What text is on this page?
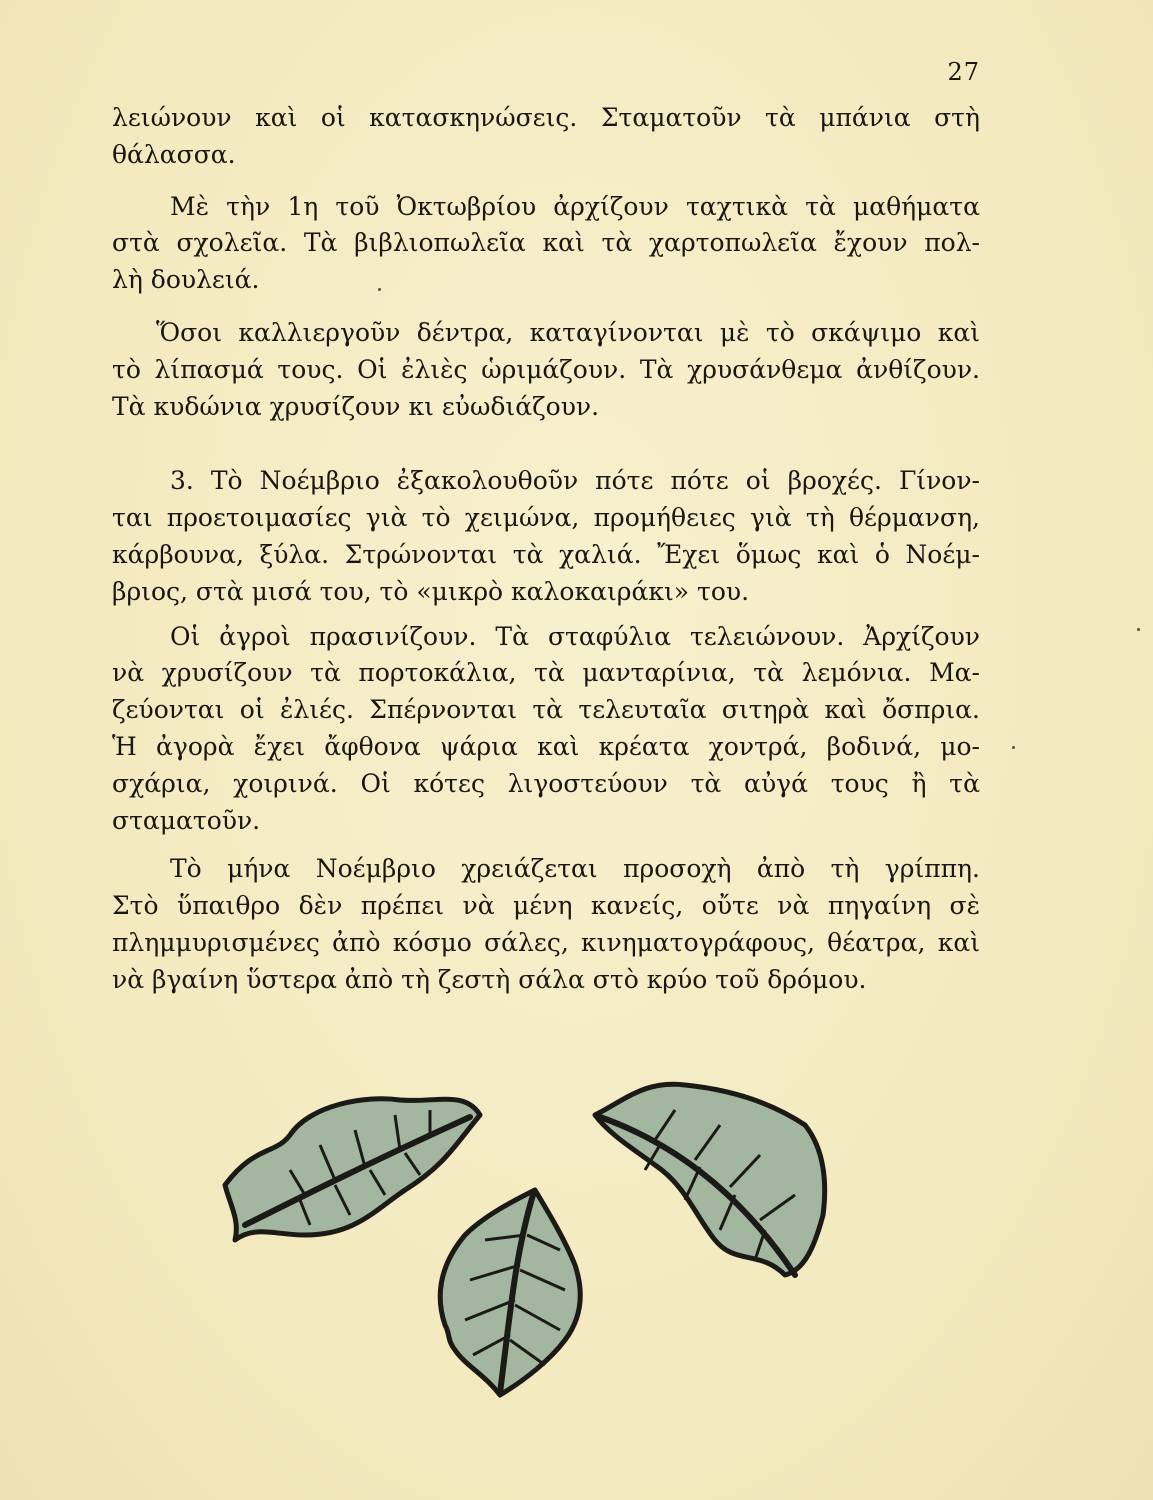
27

λειώνουν καὶ οἱ κατασκηνώσεις. Σταματοῦν τὰ μπάνια στὴ
θάλασσα.

Μὲ τὴν 1η τοῦ Ὀκτωβρίου ἀρχίζουν ταχτικὰ τὰ μαθήματα
στὰ σχολεῖα. Τὰ βιβλιοπωλεῖα καὶ τὰ χαρτοπωλεῖα ἔχουν πολ-
λὴ δουλειά.

Ὅσοι καλλιεργοῦν δέντρα, καταγίνονται μὲ τὸ σκάψιμο καὶ
τὸ λίπασμά τους. Οἱ ἐλιὲς ὡριμάζουν. Τὰ χρυσάνθεμα ἀνθίζουν.
Τὰ κυδώνια χρυσίζουν κι εὐωδιάζουν.

3. Τὸ Νοέμβριο ἐξακολουθοῦν πότε πότε οἱ βροχές. Γίνον-
ται προετοιμασίες γιὰ τὸ χειμώνα, προμήθειες γιὰ τὴ θέρμανση,
κάρβουνα, ξύλα. Στρώνονται τὰ χαλιά. Ἔχει ὅμως καὶ ὁ Νοέμ-
βριος, στὰ μισά του, τὸ «μικρὸ καλοκαιράκι» του.

Οἱ ἀγροὶ πρασινίζουν. Τὰ σταφύλια τελειώνουν. Ἀρχίζουν
νὰ χρυσίζουν τὰ πορτοκάλια, τὰ μανταρίνια, τὰ λεμόνια. Μα-
ζεύονται οἱ ἐλιές. Σπέρνονται τὰ τελευταῖα σιτηρὰ καὶ ὄσπρια.
Ἡ ἀγορὰ ἔχει ἄφθονα ψάρια καὶ κρέατα χοντρά, βοδινά, μο-
σχάρια, χοιρινά. Οἱ κότες λιγοστεύουν τὰ αὐγά τους ἢ τὰ
σταματοῦν.

Τὸ μήνα Νοέμβριο χρειάζεται προσοχὴ ἀπὸ τὴ γρίππη.
Στὸ ὕπαιθρο δὲν πρέπει νὰ μένη κανείς, οὔτε νὰ πηγαίνη σὲ
πλημμυρισμένες ἀπὸ κόσμο σάλες, κινηματογράφους, θέατρα, καὶ
νὰ βγαίνη ὕστερα ἀπὸ τὴ ζεστὴ σάλα στὸ κρύο τοῦ δρόμου.
